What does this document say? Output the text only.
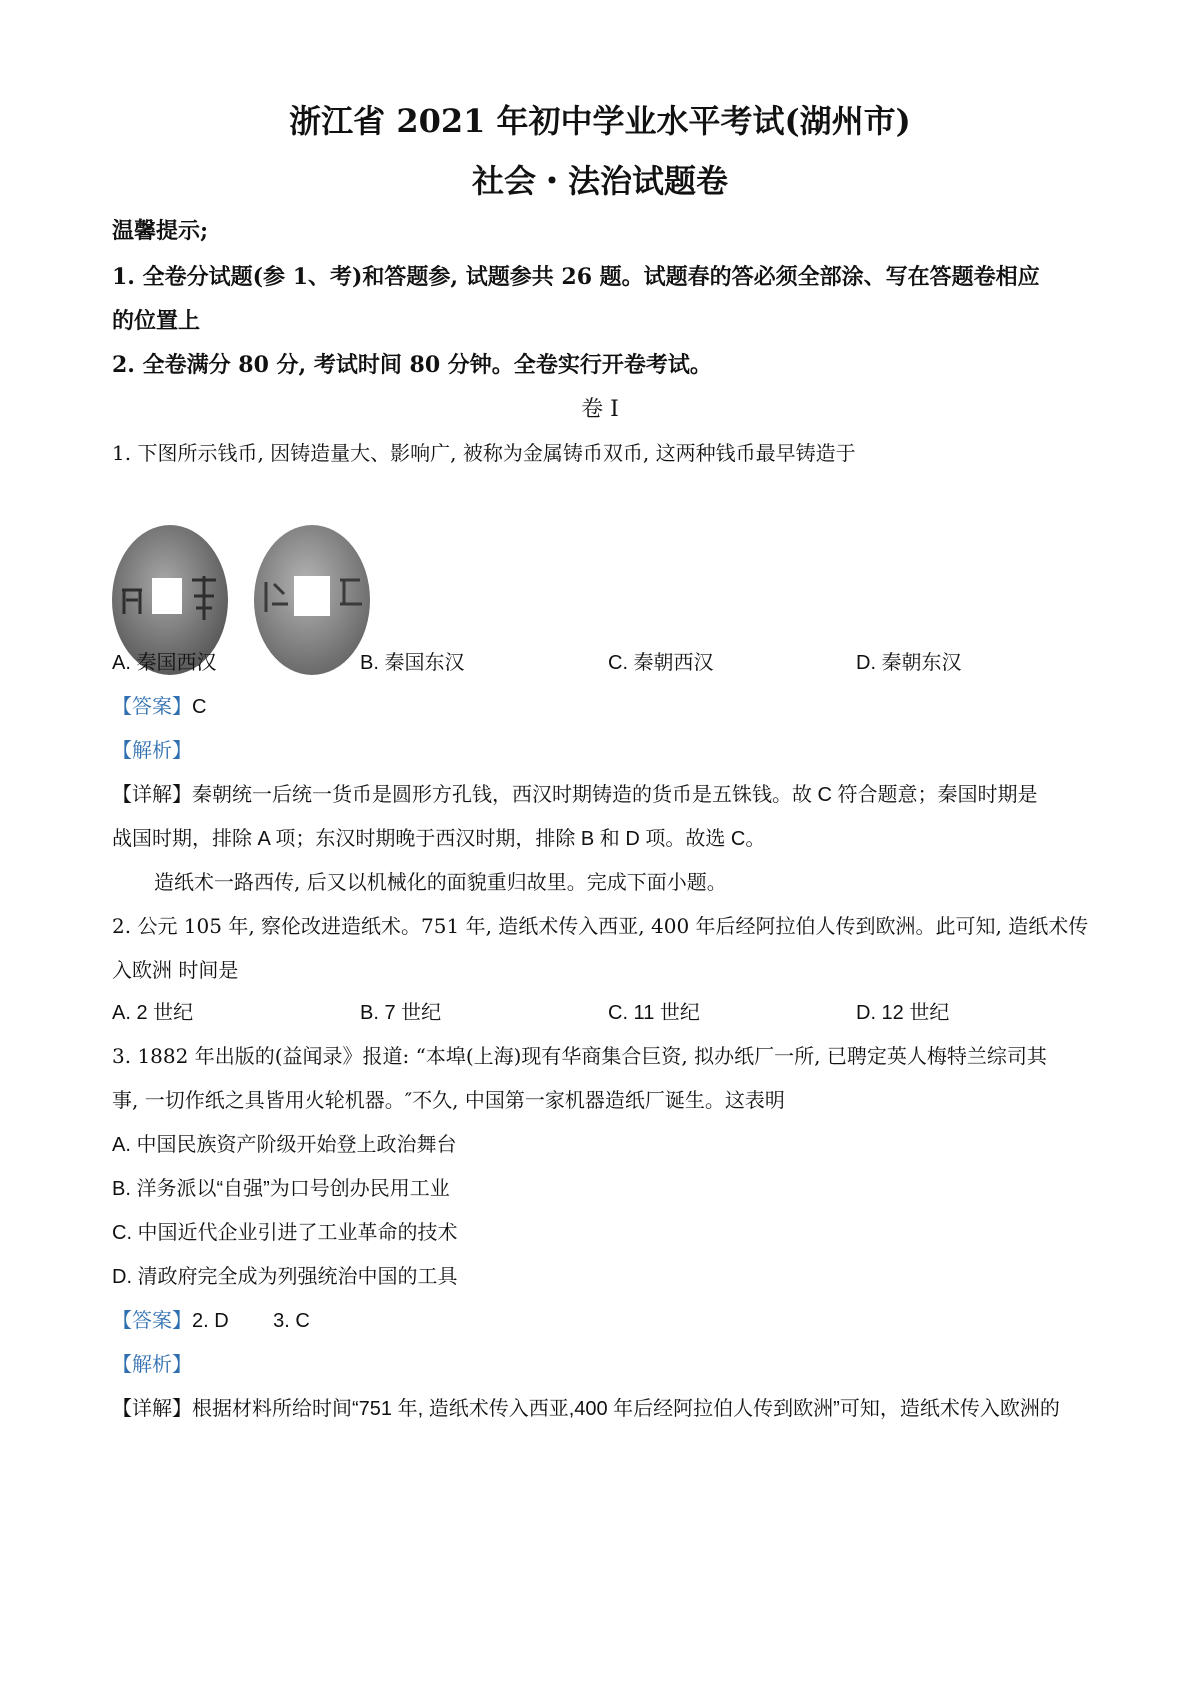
浙江省 2021 年初中学业水平考试(湖州市)
社会・法治试题卷
温馨提示;
1. 全卷分试题(参 1、考)和答题参, 试题参共 26 题。试题春的答必须全部涂、写在答题卷相应
的位置上
2. 全卷满分 80 分, 考试时间 80 分钟。全卷实行开卷考试。
卷 I
1. 下图所示钱币, 因铸造量大、影响广, 被称为金属铸币双币, 这两种钱币最早铸造于
A. 秦国西汉	B. 秦国东汉	C. 秦朝西汉	D. 秦朝东汉
【答案】C
【解析】
【详解】秦朝统一后统一货币是圆形方孔钱，西汉时期铸造的货币是五铢钱。故 C 符合题意；秦国时期是
战国时期，排除 A 项；东汉时期晚于西汉时期，排除 B 和 D 项。故选 C。
造纸术一路西传, 后又以机械化的面貌重归故里。完成下面小题。
2. 公元 105 年, 察伦改进造纸术。751 年, 造纸术传入西亚, 400 年后经阿拉伯人传到欧洲。此可知, 造纸术传
入欧洲 时间是
A. 2 世纪	B. 7 世纪	C. 11 世纪	D. 12 世纪
3. 1882 年出版的(益闻录》报道: “本埠(上海)现有华商集合巨资, 拟办纸厂一所, 已聘定英人梅特兰综司其
事, 一切作纸之具皆用火轮机器。″不久, 中国第一家机器造纸厂诞生。这表明
A. 中国民族资产阶级开始登上政治舞台
B. 洋务派以“自强”为口号创办民用工业
C. 中国近代企业引进了工业革命的技术
D. 清政府完全成为列强统治中国的工具
【答案】2. D        3. C
【解析】
【详解】根据材料所给时间“751 年, 造纸术传入西亚,400 年后经阿拉伯人传到欧洲”可知，造纸术传入欧洲的
